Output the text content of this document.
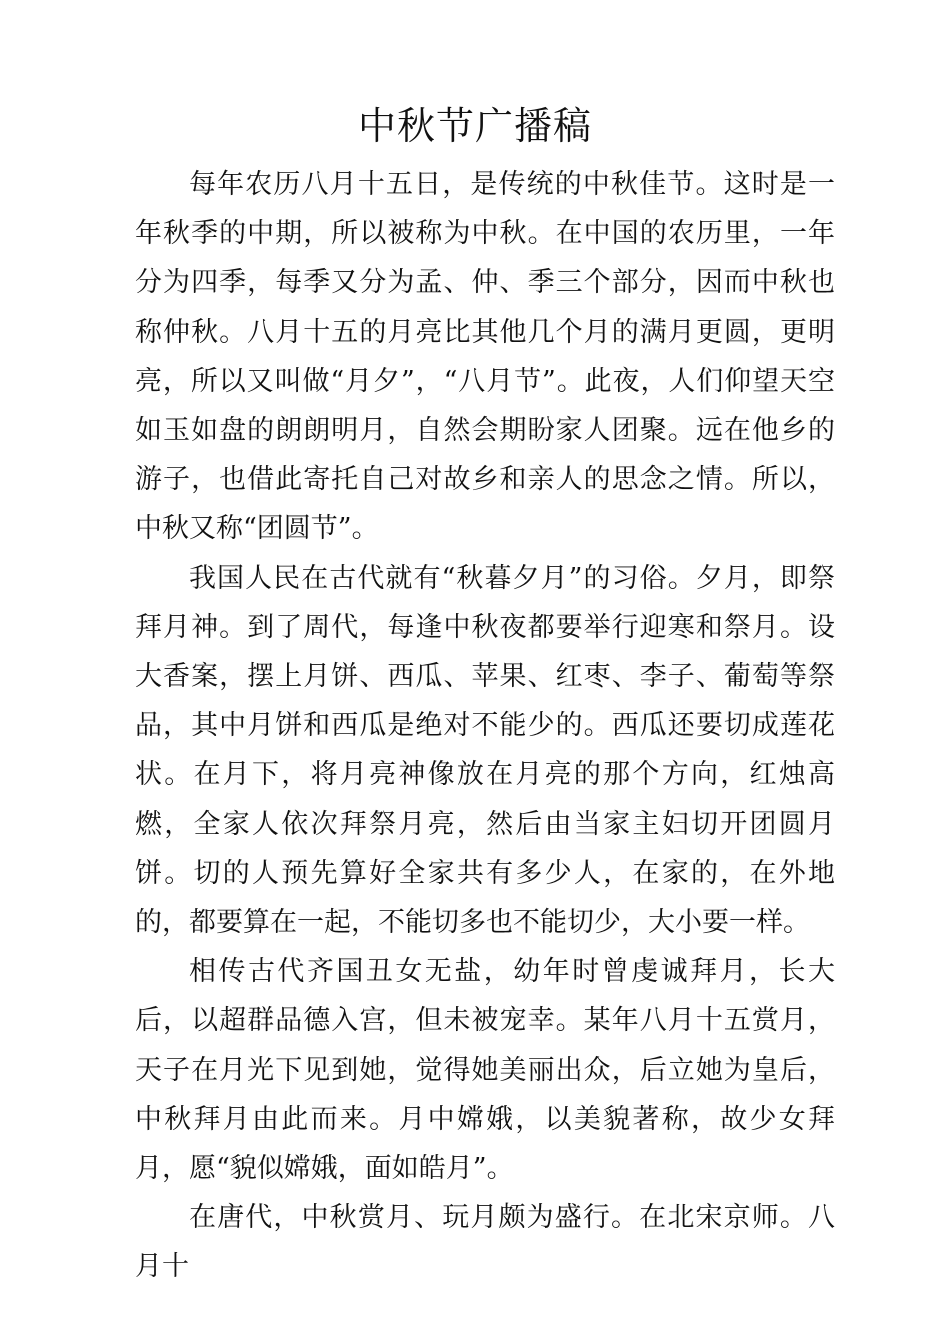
中秋节广播稿

每年农历八月十五日，是传统的中秋佳节。这时是一年秋季的中期，所以被称为中秋。在中国的农历里，一年分为四季，每季又分为孟、仲、季三个部分，因而中秋也称仲秋。八月十五的月亮比其他几个月的满月更圆，更明亮，所以又叫做“月夕”，“八月节”。此夜，人们仰望天空如玉如盘的朗朗明月，自然会期盼家人团聚。远在他乡的游子，也借此寄托自己对故乡和亲人的思念之情。所以，中秋又称“团圆节”。

我国人民在古代就有“秋暮夕月”的习俗。夕月，即祭拜月神。到了周代，每逢中秋夜都要举行迎寒和祭月。设大香案，摆上月饼、西瓜、苹果、红枣、李子、葡萄等祭品，其中月饼和西瓜是绝对不能少的。西瓜还要切成莲花状。在月下，将月亮神像放在月亮的那个方向，红烛高燃，全家人依次拜祭月亮，然后由当家主妇切开团圆月饼。切的人预先算好全家共有多少人，在家的，在外地的，都要算在一起，不能切多也不能切少，大小要一样。

相传古代齐国丑女无盐，幼年时曾虔诚拜月，长大后，以超群品德入宫，但未被宠幸。某年八月十五赏月，天子在月光下见到她，觉得她美丽出众，后立她为皇后，中秋拜月由此而来。月中嫦娥，以美貌著称，故少女拜月，愿“貌似嫦娥，面如皓月”。

在唐代，中秋赏月、玩月颇为盛行。在北宋京师。八月十
